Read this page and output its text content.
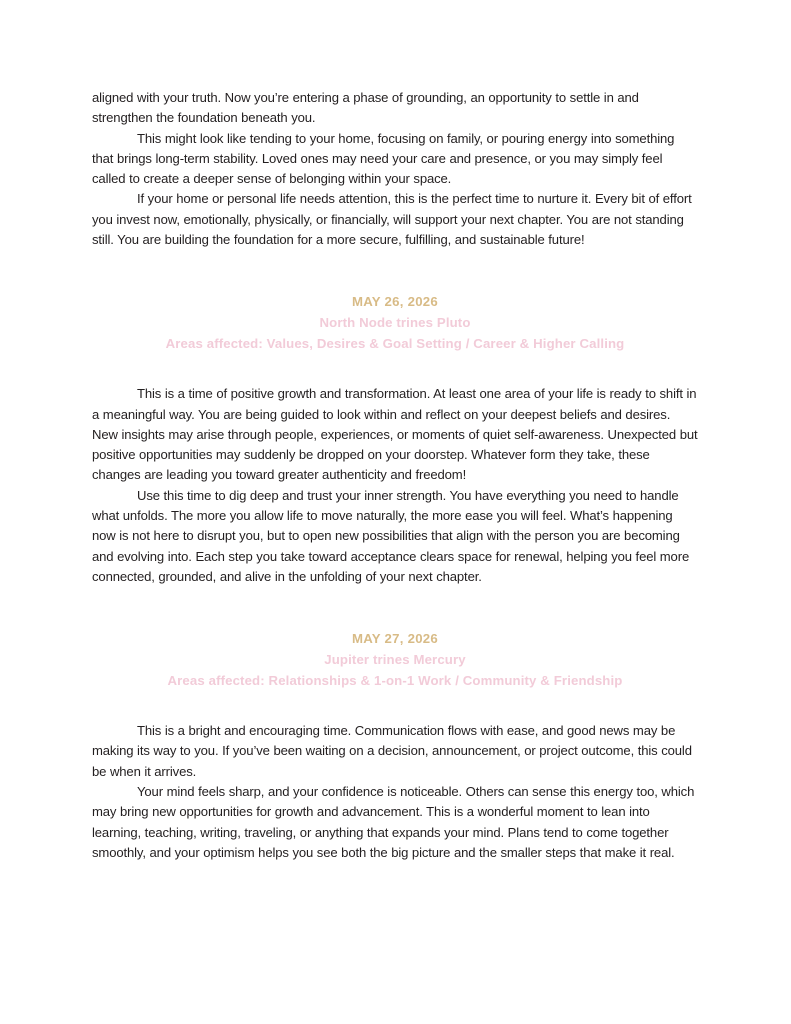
aligned with your truth. Now you’re entering a phase of grounding, an opportunity to settle in and strengthen the foundation beneath you.

This might look like tending to your home, focusing on family, or pouring energy into something that brings long-term stability. Loved ones may need your care and presence, or you may simply feel called to create a deeper sense of belonging within your space.

If your home or personal life needs attention, this is the perfect time to nurture it. Every bit of effort you invest now, emotionally, physically, or financially, will support your next chapter. You are not standing still. You are building the foundation for a more secure, fulfilling, and sustainable future!

MAY 26, 2026
North Node trines Pluto
Areas affected: Values, Desires & Goal Setting / Career & Higher Calling

This is a time of positive growth and transformation. At least one area of your life is ready to shift in a meaningful way. You are being guided to look within and reflect on your deepest beliefs and desires. New insights may arise through people, experiences, or moments of quiet self-awareness. Unexpected but positive opportunities may suddenly be dropped on your doorstep. Whatever form they take, these changes are leading you toward greater authenticity and freedom!

Use this time to dig deep and trust your inner strength. You have everything you need to handle what unfolds. The more you allow life to move naturally, the more ease you will feel. What’s happening now is not here to disrupt you, but to open new possibilities that align with the person you are becoming and evolving into. Each step you take toward acceptance clears space for renewal, helping you feel more connected, grounded, and alive in the unfolding of your next chapter.

MAY 27, 2026
Jupiter trines Mercury
Areas affected: Relationships & 1-on-1 Work / Community & Friendship

This is a bright and encouraging time. Communication flows with ease, and good news may be making its way to you. If you’ve been waiting on a decision, announcement, or project outcome, this could be when it arrives.

Your mind feels sharp, and your confidence is noticeable. Others can sense this energy too, which may bring new opportunities for growth and advancement. This is a wonderful moment to lean into learning, teaching, writing, traveling, or anything that expands your mind. Plans tend to come together smoothly, and your optimism helps you see both the big picture and the smaller steps that make it real.
